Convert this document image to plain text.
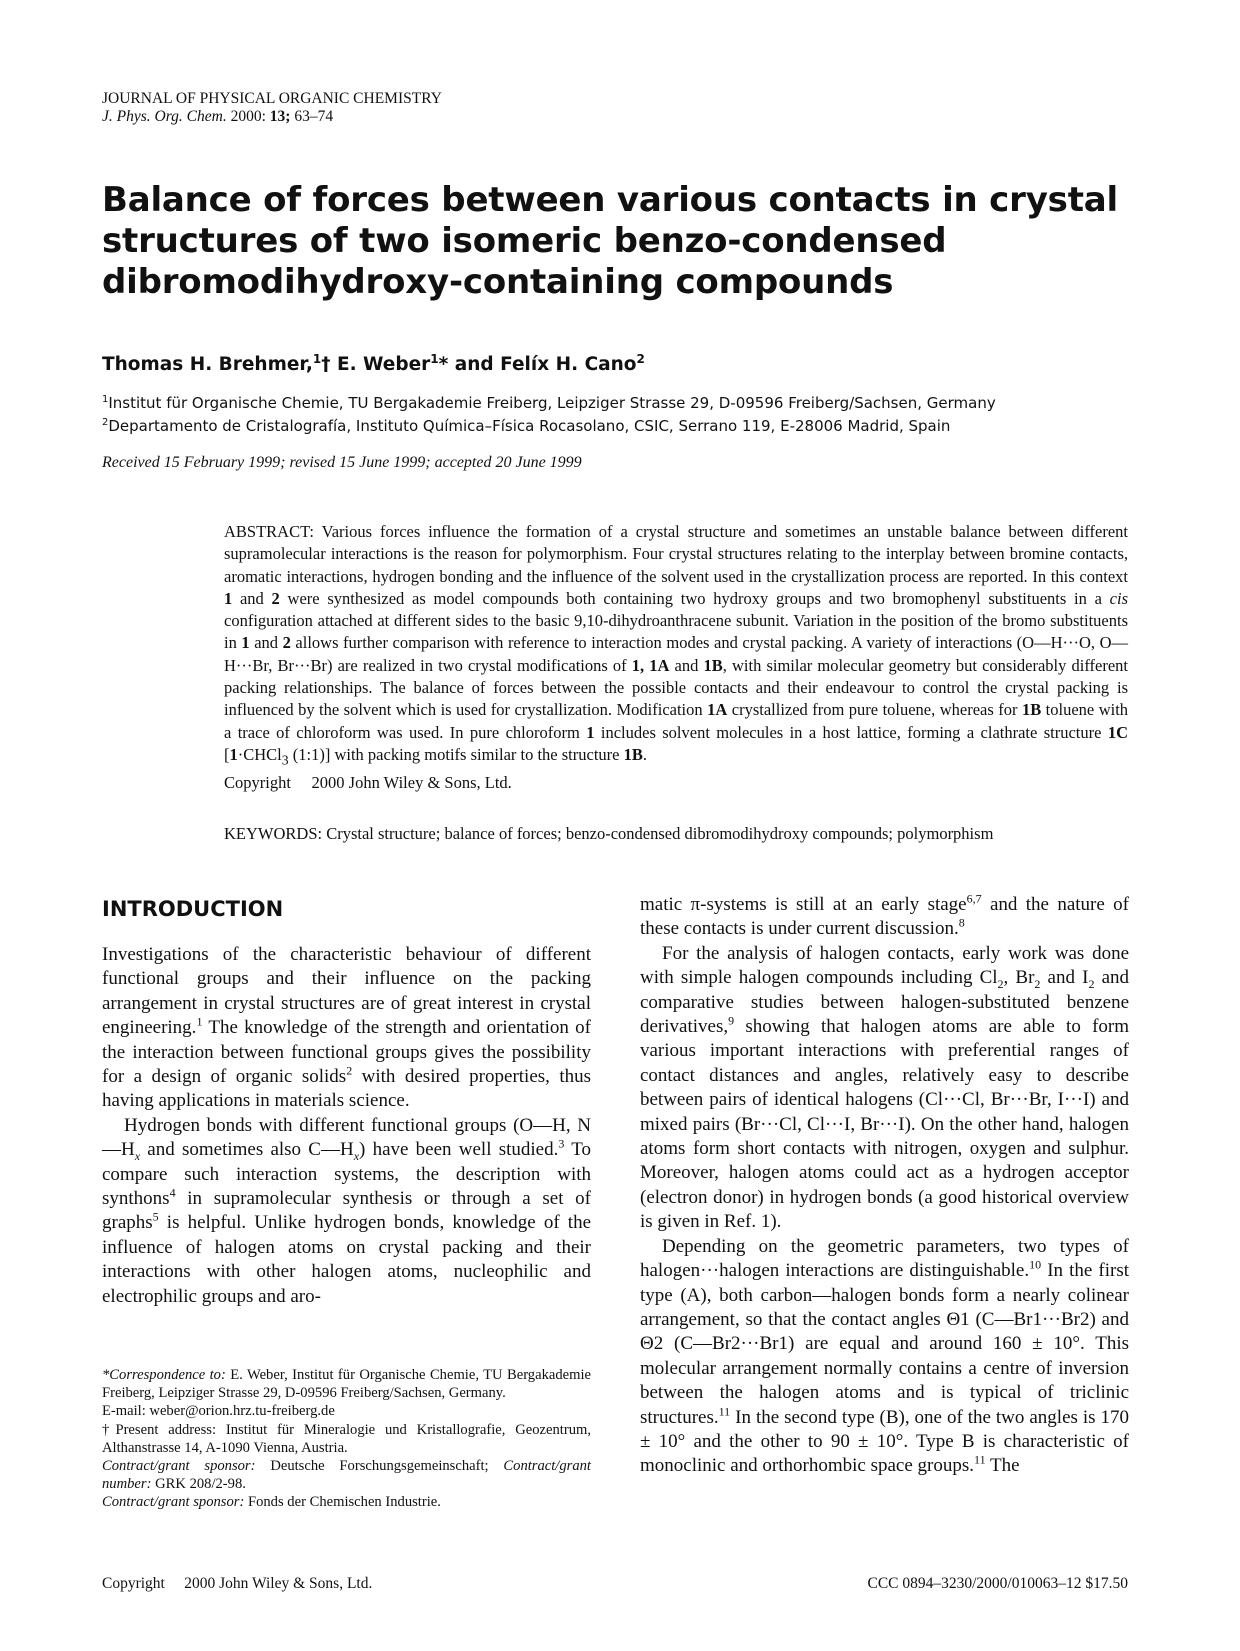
JOURNAL OF PHYSICAL ORGANIC CHEMISTRY
J. Phys. Org. Chem. 2000: 13; 63–74
Balance of forces between various contacts in crystal structures of two isomeric benzo-condensed dibromodihydroxy-containing compounds
Thomas H. Brehmer,$^1$† E. Weber$^1$* and Felíx H. Cano$^2$
$^1$Institut für Organische Chemie, TU Bergakademie Freiberg, Leipziger Strasse 29, D-09596 Freiberg/Sachsen, Germany
$^2$Departamento de Cristalografía, Instituto Química–Física Rocasolano, CSIC, Serrano 119, E-28006 Madrid, Spain
Received 15 February 1999; revised 15 June 1999; accepted 20 June 1999

ABSTRACT: Various forces influence the formation of a crystal structure and sometimes an unstable balance between different supramolecular interactions is the reason for polymorphism. Four crystal structures relating to the interplay between bromine contacts, aromatic interactions, hydrogen bonding and the influence of the solvent used in the crystallization process are reported. In this context 1 and 2 were synthesized as model compounds both containing two hydroxy groups and two bromophenyl substituents in a cis configuration attached at different sides to the basic 9,10-dihydroanthracene subunit. Variation in the position of the bromo substituents in 1 and 2 allows further comparison with reference to interaction modes and crystal packing. A variety of interactions (O—H···O, O—H···Br, Br···Br) are realized in two crystal modifications of 1, 1A and 1B, with similar molecular geometry but considerably different packing relationships. The balance of forces between the possible contacts and their endeavour to control the crystal packing is influenced by the solvent which is used for crystallization. Modification 1A crystallized from pure toluene, whereas for 1B toluene with a trace of chloroform was used. In pure chloroform 1 includes solvent molecules in a host lattice, forming a clathrate structure 1C [1·CHCl$_3$ (1:1)] with packing motifs similar to the structure 1B.
Copyright     2000 John Wiley & Sons, Ltd.

KEYWORDS: Crystal structure; balance of forces; benzo-condensed dibromodihydroxy compounds; polymorphism

INTRODUCTION

Investigations of the characteristic behaviour of different functional groups and their influence on the packing arrangement in crystal structures are of great interest in crystal engineering.$^1$ The knowledge of the strength and orientation of the interaction between functional groups gives the possibility for a design of organic solids$^2$ with desired properties, thus having applications in materials science.

Hydrogen bonds with different functional groups (O—H, $N—H_x$ and sometimes also $C—H_x$) have been well studied.$^3$ To compare such interaction systems, the description with synthons$^4$ in supramolecular synthesis or through a set of graphs$^5$ is helpful. Unlike hydrogen bonds, knowledge of the influence of halogen atoms on crystal packing and their interactions with other halogen atoms, nucleophilic and electrophilic groups and aro-

*Correspondence to: E. Weber, Institut für Organische Chemie, TU Bergakademie Freiberg, Leipziger Strasse 29, D-09596 Freiberg/Sachsen, Germany.

E-mail: weber@orion.hrz.tu-freiberg.de

†Present address: Institut für Mineralogie und Kristallografie, Geozentrum, Althanstrasse 14, A-1090 Vienna, Austria.

Contract/grant sponsor: Deutsche Forschungsgemeinschaft; Contract/grant number: GRK 208/2-98.

Contract/grant sponsor: Fonds der Chemischen Industrie.

matic π-systems is still at an early stage$^{6,7}$ and the nature of these contacts is under current discussion.$^8$

For the analysis of halogen contacts, early work was done with simple halogen compounds including $Cl_2$, $Br_2$ and $I_2$ and comparative studies between halogen-substituted benzene derivatives,$^9$ showing that halogen atoms are able to form various important interactions with preferential ranges of contact distances and angles, relatively easy to describe between pairs of identical halogens (Cl···Cl, Br···Br, I···I) and mixed pairs (Br···Cl, Cl···I, Br···I). On the other hand, halogen atoms form short contacts with nitrogen, oxygen and sulphur. Moreover, halogen atoms could act as a hydrogen acceptor (electron donor) in hydrogen bonds (a good historical overview is given in Ref. 1).

Depending on the geometric parameters, two types of halogen···halogen interactions are distinguishable.$^{10}$ In the first type (A), both carbon—halogen bonds form a nearly colinear arrangement, so that the contact angles Θ1 (C—Br1···Br2) and Θ2 (C—Br2···Br1) are equal and around 160 ± 10°. This molecular arrangement normally contains a centre of inversion between the halogen atoms and is typical of triclinic structures.$^{11}$ In the second type (B), one of the two angles is 170 ± 10° and the other to 90 ± 10°. Type B is characteristic of monoclinic and orthorhombic space groups.$^{11}$ The

Copyright     2000 John Wiley & Sons, Ltd.	CCC 0894–3230/2000/010063–12 $17.50
